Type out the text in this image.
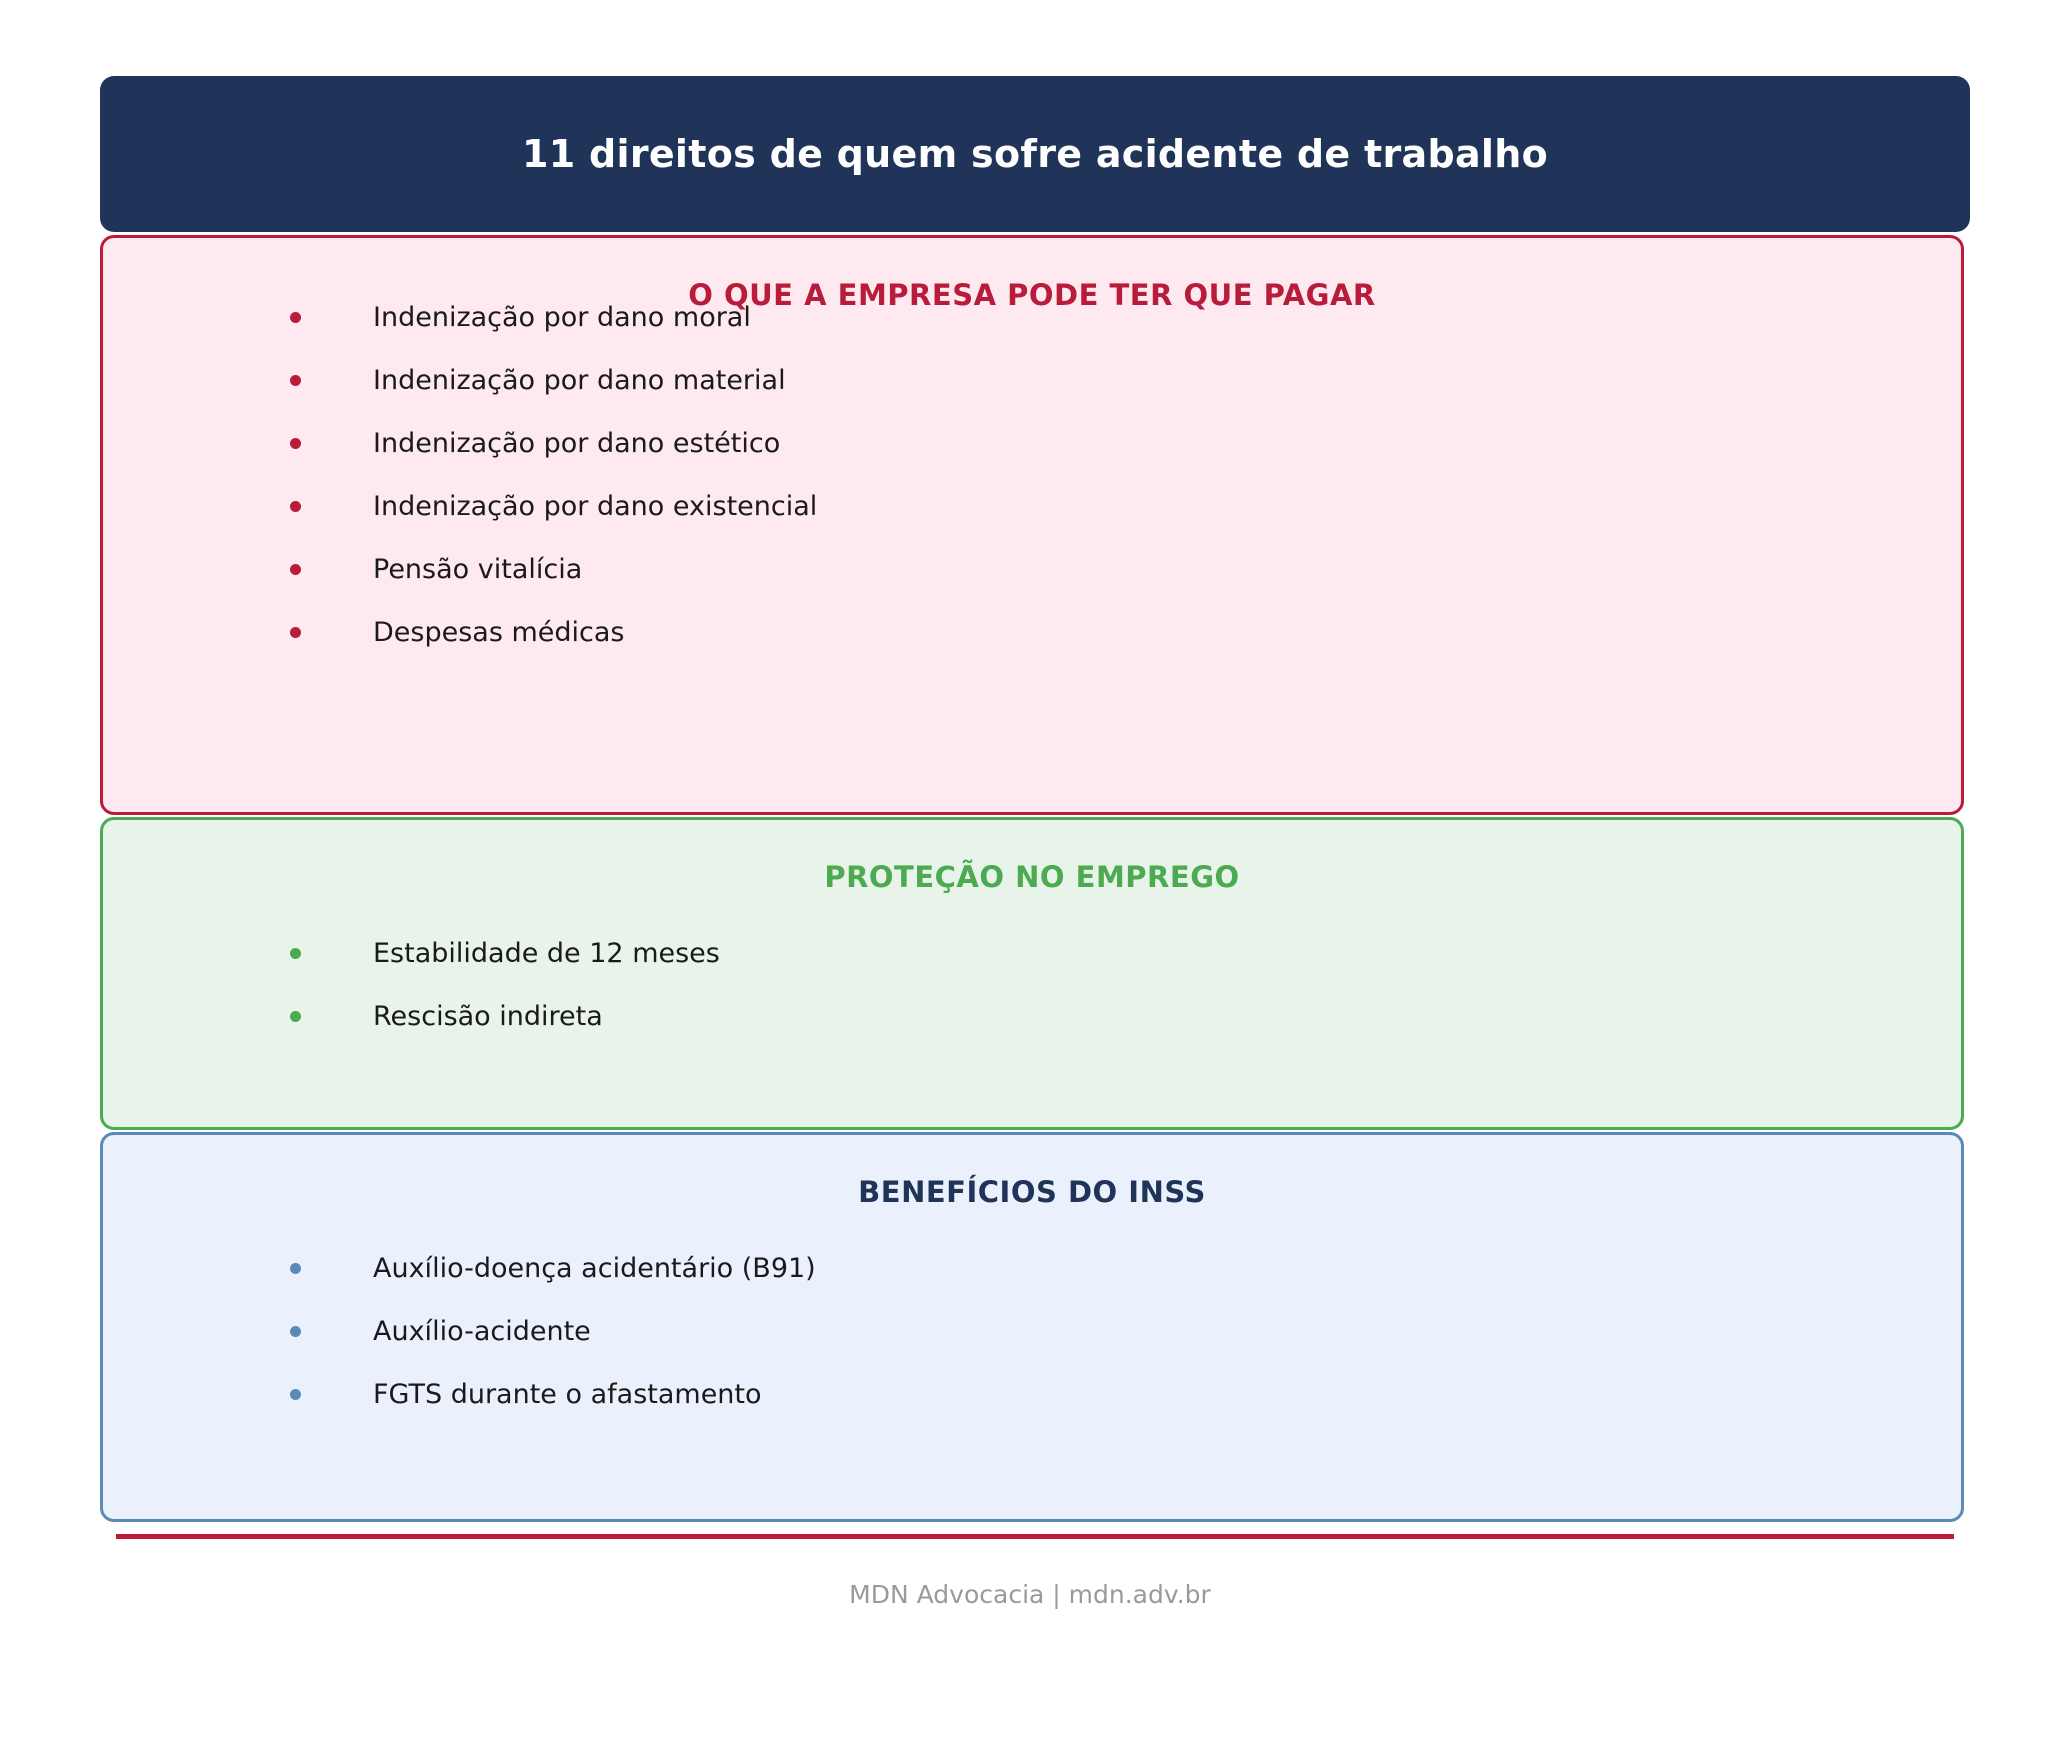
11 direitos de quem sofre acidente de trabalho
O QUE A EMPRESA PODE TER QUE PAGAR
Indenização por dano moral
Indenização por dano material
Indenização por dano estético
Indenização por dano existencial
Pensão vitalícia
Despesas médicas
PROTEÇÃO NO EMPREGO
Estabilidade de 12 meses
Rescisão indireta
BENEFÍCIOS DO INSS
Auxílio-doença acidentário (B91)
Auxílio-acidente
FGTS durante o afastamento
MDN Advocacia | mdn.adv.br
